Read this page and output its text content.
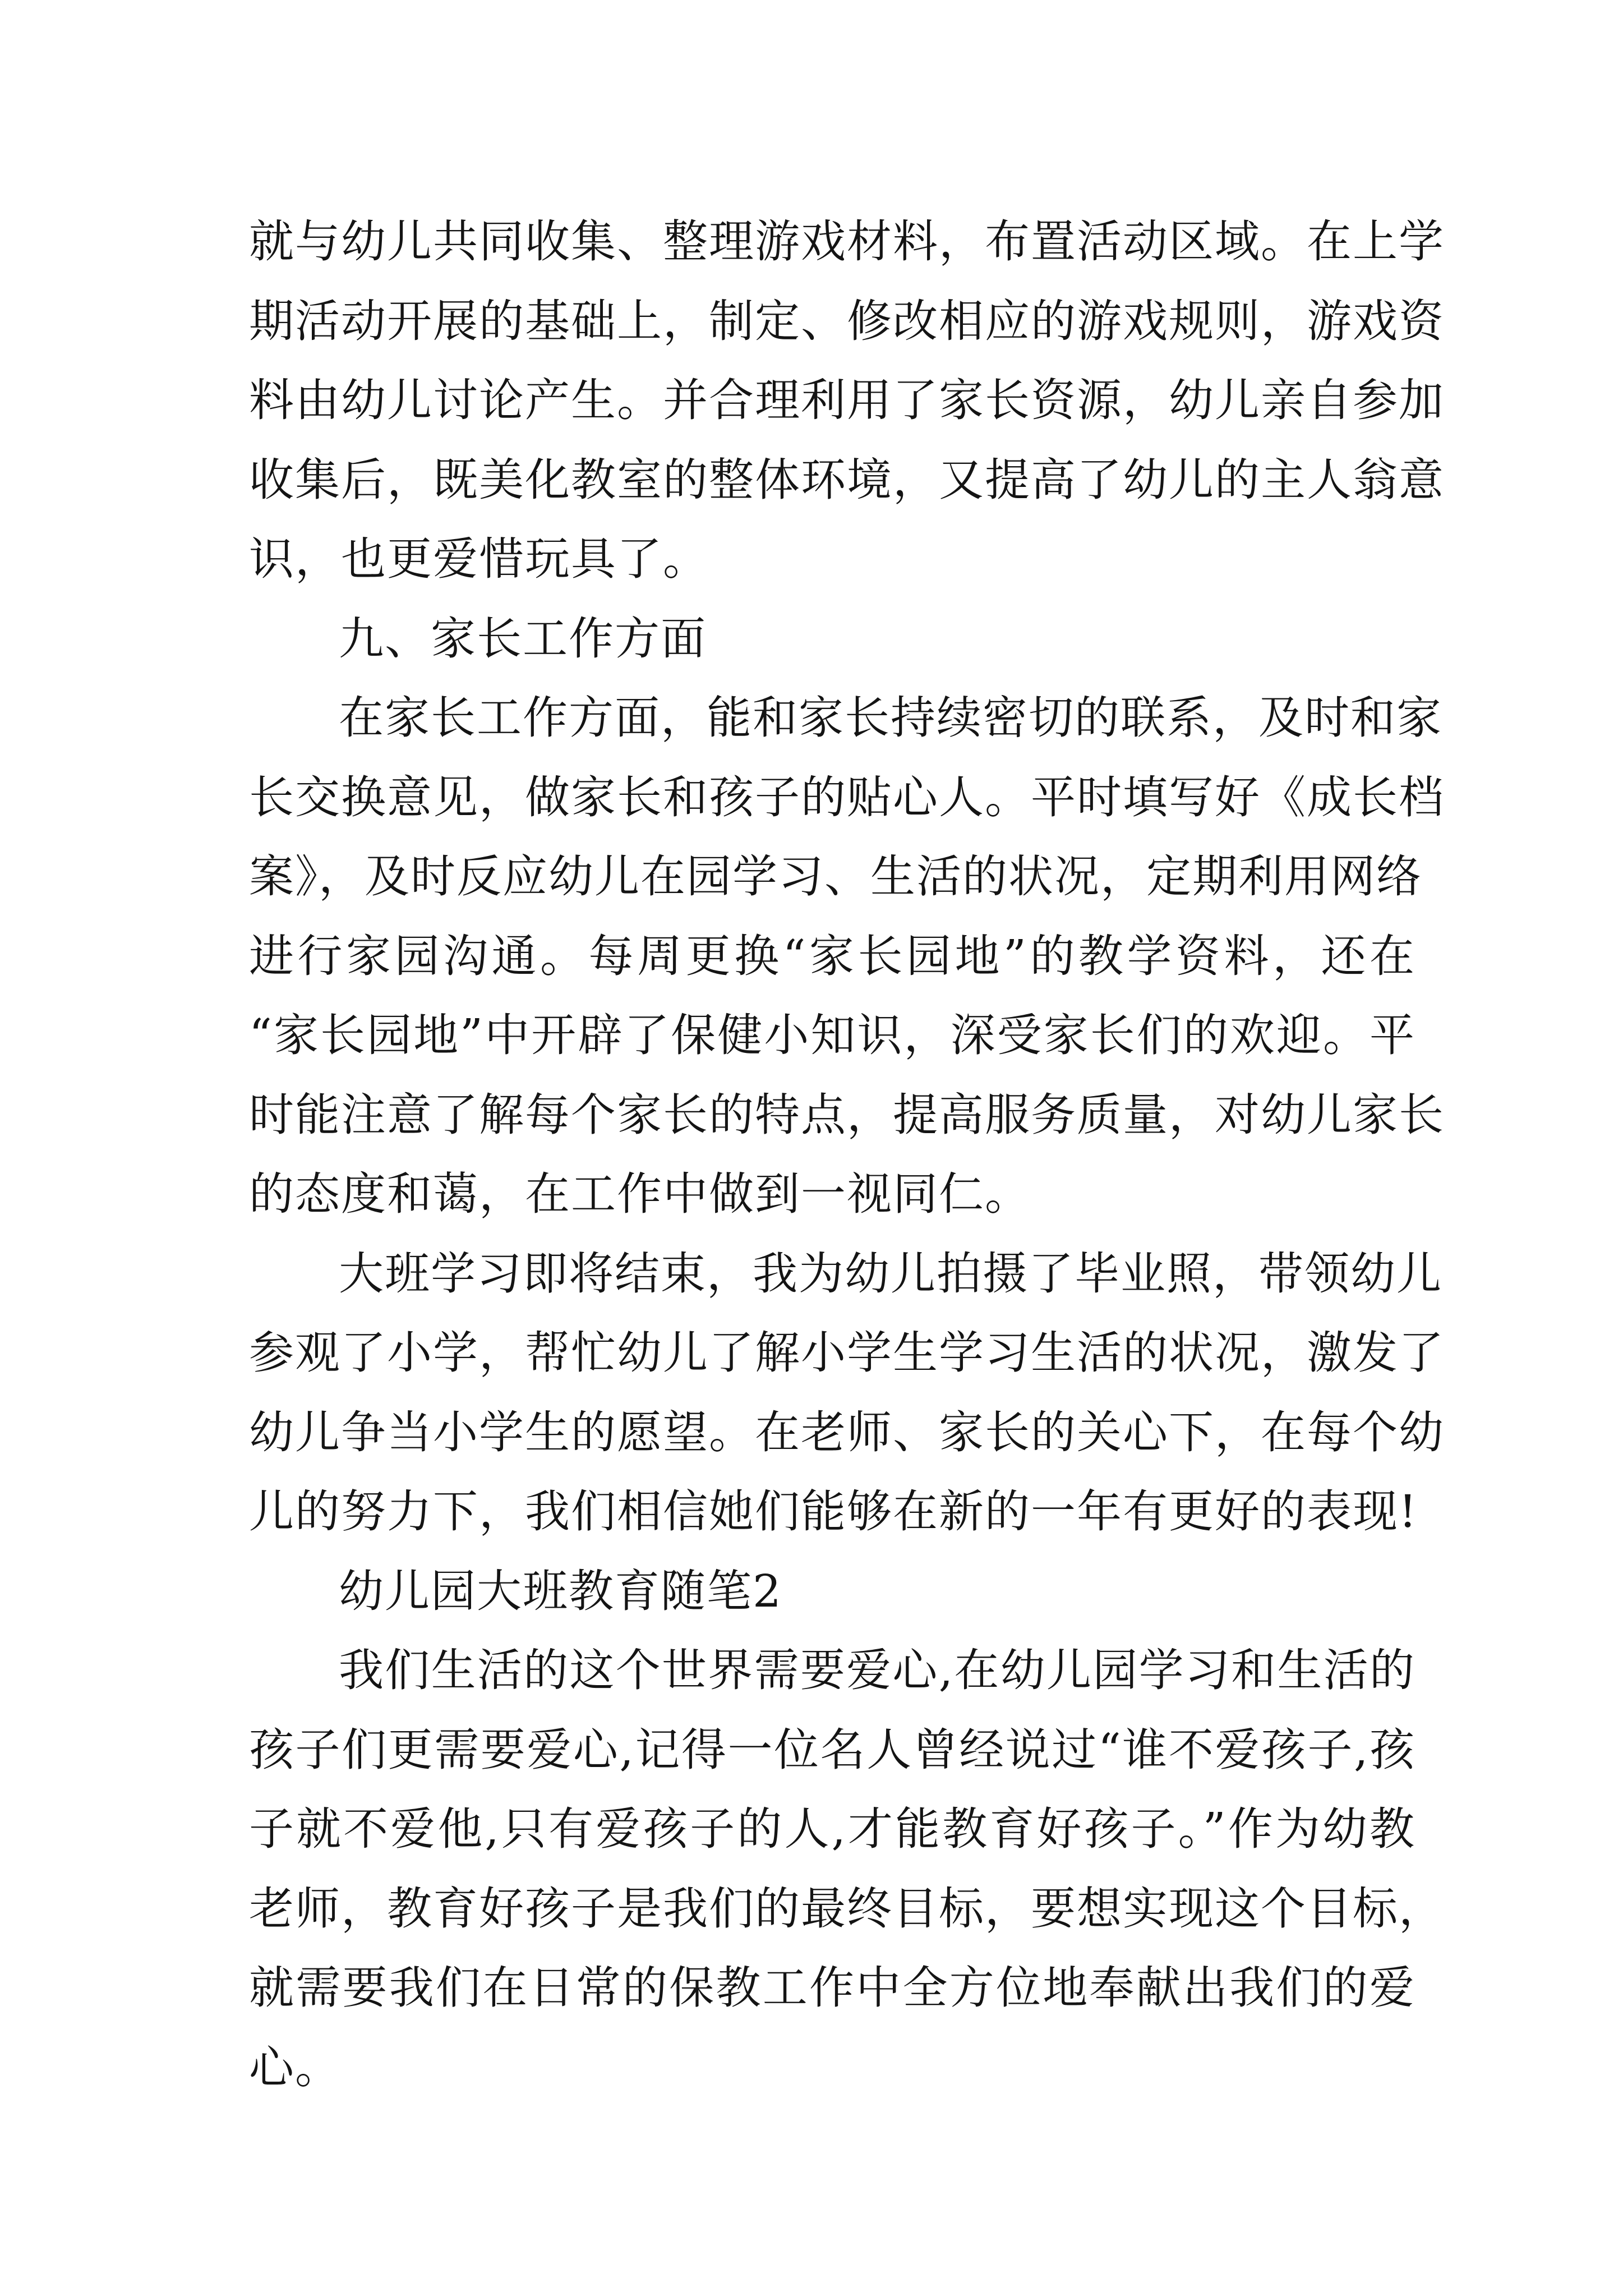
就与幼儿共同收集、整理游戏材料，布置活动区域。在上学
期活动开展的基础上，制定、修改相应的游戏规则，游戏资
料由幼儿讨论产生。并合理利用了家长资源，幼儿亲自参加
收集后，既美化教室的整体环境，又提高了幼儿的主人翁意
识，也更爱惜玩具了。
九、家长工作方面
在家长工作方面，能和家长持续密切的联系，及时和家
长交换意见，做家长和孩子的贴心人。平时填写好《成长档
案》，及时反应幼儿在园学习、生活的状况，定期利用网络
进行家园沟通。每周更换“家长园地”的教学资料，还在
“家长园地”中开辟了保健小知识，深受家长们的欢迎。平
时能注意了解每个家长的特点，提高服务质量，对幼儿家长
的态度和蔼，在工作中做到一视同仁。
大班学习即将结束，我为幼儿拍摄了毕业照，带领幼儿
参观了小学，帮忙幼儿了解小学生学习生活的状况，激发了
幼儿争当小学生的愿望。在老师、家长的关心下，在每个幼
儿的努力下，我们相信她们能够在新的一年有更好的表现!
幼儿园大班教育随笔2
我们生活的这个世界需要爱心,在幼儿园学习和生活的
孩子们更需要爱心,记得一位名人曾经说过“谁不爱孩子,孩
子就不爱他,只有爱孩子的人,才能教育好孩子。”作为幼教
老师，教育好孩子是我们的最终目标，要想实现这个目标，
就需要我们在日常的保教工作中全方位地奉献出我们的爱
心。
